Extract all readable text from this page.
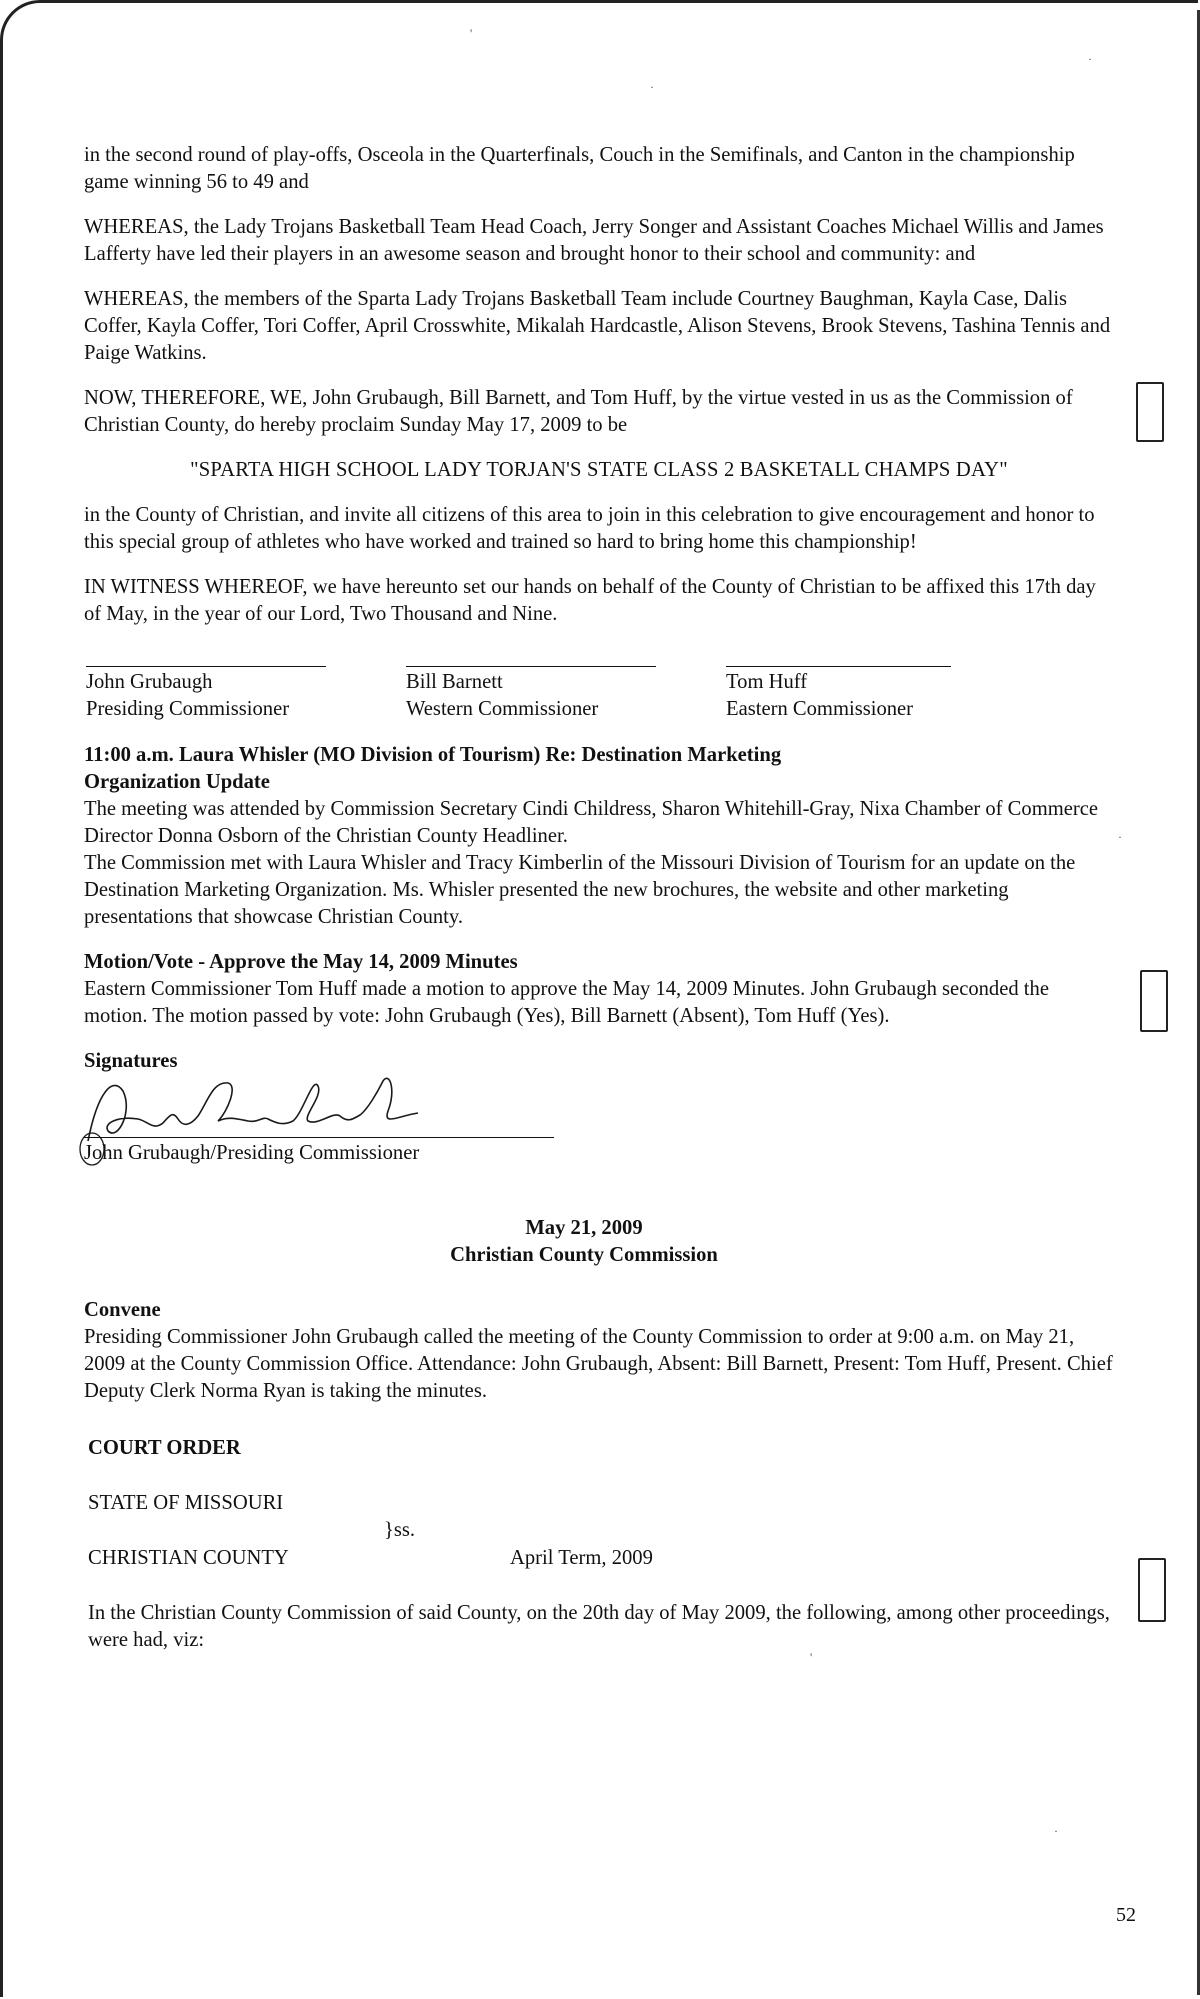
'
·
·
·
'
·

in the second round of play-offs, Osceola in the Quarterfinals, Couch in the Semifinals, and Canton in the championship game winning 56 to 49 and

WHEREAS, the Lady Trojans Basketball Team Head Coach, Jerry Songer and Assistant Coaches Michael Willis and James Lafferty have led their players in an awesome season and brought honor to their school and community: and

WHEREAS, the members of the Sparta Lady Trojans Basketball Team include Courtney Baughman, Kayla Case, Dalis Coffer, Kayla Coffer, Tori Coffer, April Crosswhite, Mikalah Hardcastle, Alison Stevens, Brook Stevens, Tashina Tennis and Paige Watkins.

NOW, THEREFORE, WE, John Grubaugh, Bill Barnett, and Tom Huff, by the virtue vested in us as the Commission of Christian County, do hereby proclaim Sunday May 17, 2009 to be

"SPARTA HIGH SCHOOL LADY TORJAN'S STATE CLASS 2 BASKETALL CHAMPS DAY"

in the County of Christian, and invite all citizens of this area to join in this celebration to give encouragement and honor to this special group of athletes who have worked and trained so hard to bring home this championship!

IN WITNESS WHEREOF, we have hereunto set our hands on behalf of the County of Christian to be affixed this 17th day of May, in the year of our Lord, Two Thousand and Nine.

John Grubaugh
Presiding Commissioner
Bill Barnett
Western Commissioner
Tom Huff
Eastern Commissioner

11:00 a.m. Laura Whisler (MO Division of Tourism) Re: Destination Marketing

Organization Update

The meeting was attended by Commission Secretary Cindi Childress, Sharon Whitehill-Gray, Nixa Chamber of Commerce Director Donna Osborn of the Christian County Headliner.

The Commission met with Laura Whisler and Tracy Kimberlin of the Missouri Division of Tourism for an update on the Destination Marketing Organization. Ms. Whisler presented the new brochures, the website and other marketing presentations that showcase Christian County.

Motion/Vote - Approve the May 14, 2009 Minutes

Eastern Commissioner Tom Huff made a motion to approve the May 14, 2009 Minutes. John Grubaugh seconded the motion. The motion passed by vote: John Grubaugh (Yes), Bill Barnett (Absent), Tom Huff (Yes).

Signatures

John Grubaugh/Presiding Commissioner

May 21, 2009

Christian County Commission

Convene

Presiding Commissioner John Grubaugh called the meeting of the County Commission to order at 9:00 a.m. on May 21, 2009 at the County Commission Office. Attendance: John Grubaugh, Absent: Bill Barnett, Present: Tom Huff, Present. Chief Deputy Clerk Norma Ryan is taking the minutes.

COURT ORDER

STATE OF MISSOURI

}ss.
CHRISTIAN COUNTY	April Term, 2009

In the Christian County Commission of said County, on the 20th day of May 2009, the following, among other proceedings, were had, viz:

52
